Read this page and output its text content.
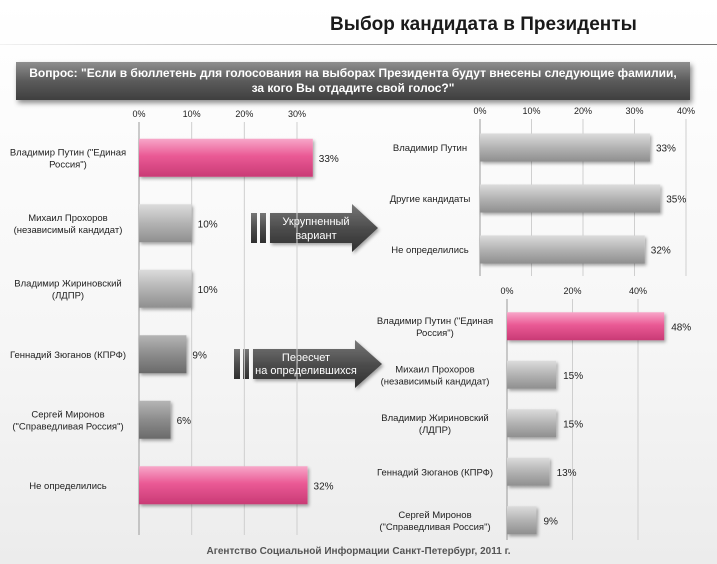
Выбор кандидата в Президенты
Вопрос: "Если в бюллетень для голосования на выборах Президента будут внесены следующие фамилии,
за кого Вы отдадите свой голос?"
Укрупненный
вариант
Пересчет
на определившихся
0%	10%	20%	30%
33%
Владимир Путин ("Единая
Россия")
10%
Михаил Прохоров
(независимый кандидат)
10%
Владимир Жириновский
(ЛДПР)
9%
Геннадий Зюганов (КПРФ)
6%
Сергей Миронов
("Справедливая Россия")
32%
Не определились
0%	10%	20%	30%	40%
33%
Владимир Путин
35%
Другие кандидаты
32%
Не определились
0%	20%	40%
48%
Владимир Путин ("Единая
Россия")
15%
Михаил Прохоров
(независимый кандидат)
15%
Владимир Жириновский
(ЛДПР)
13%
Геннадий Зюганов (КПРФ)
9%
Сергей Миронов
("Справедливая Россия")
Агентство Социальной Информации Санкт-Петербург, 2011 г.
